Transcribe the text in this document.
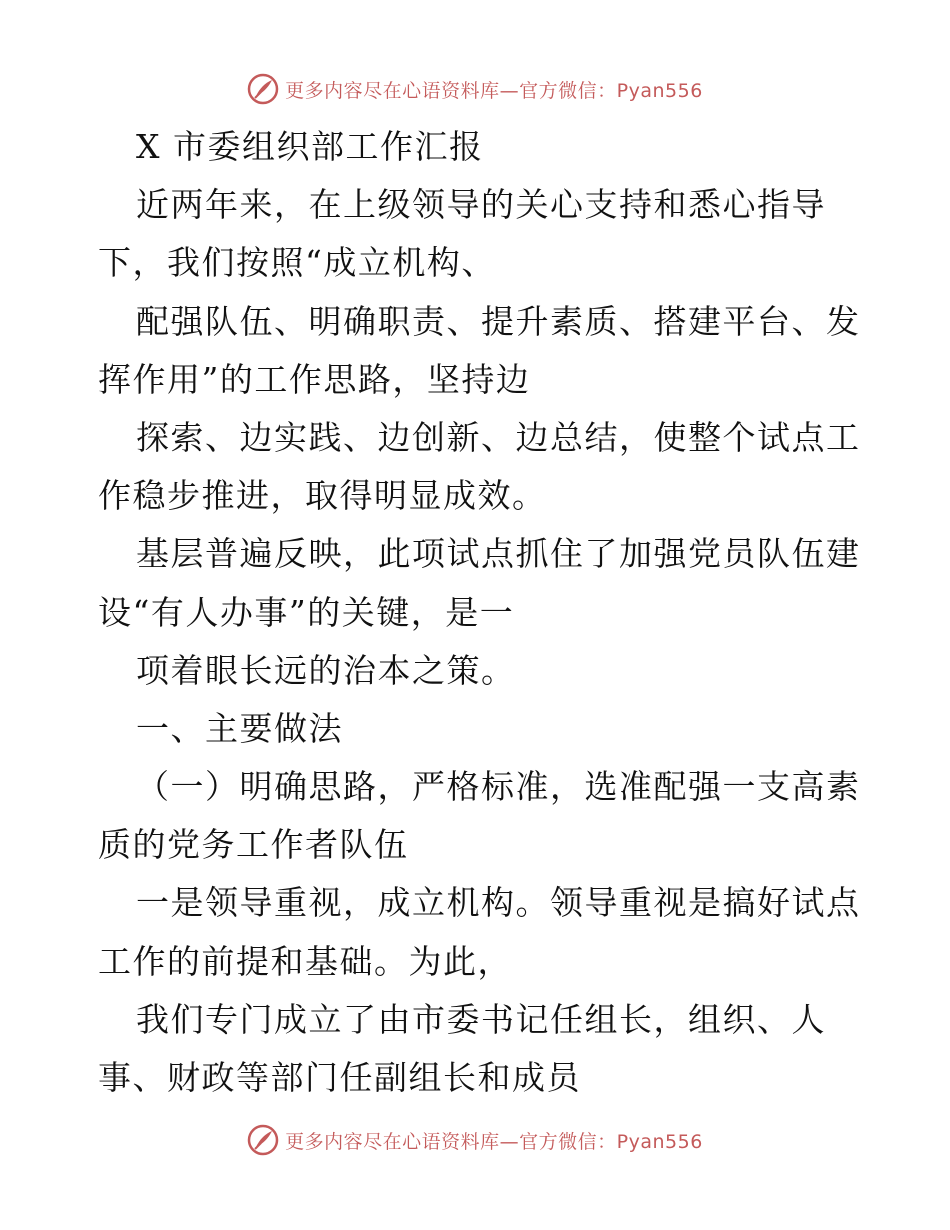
更多内容尽在心语资料库—官方微信：Pyan556
X 市委组织部工作汇报
近两年来，在上级领导的关心支持和悉心指导
下，我们按照“成立机构、
配强队伍、明确职责、提升素质、搭建平台、发
挥作用”的工作思路，坚持边
探索、边实践、边创新、边总结，使整个试点工
作稳步推进，取得明显成效。
基层普遍反映，此项试点抓住了加强党员队伍建
设“有人办事”的关键，是一
项着眼长远的治本之策。
一、主要做法
（一）明确思路，严格标准，选准配强一支高素
质的党务工作者队伍
一是领导重视，成立机构。领导重视是搞好试点
工作的前提和基础。为此，
我们专门成立了由市委书记任组长，组织、人
事、财政等部门任副组长和成员
更多内容尽在心语资料库—官方微信：Pyan556
